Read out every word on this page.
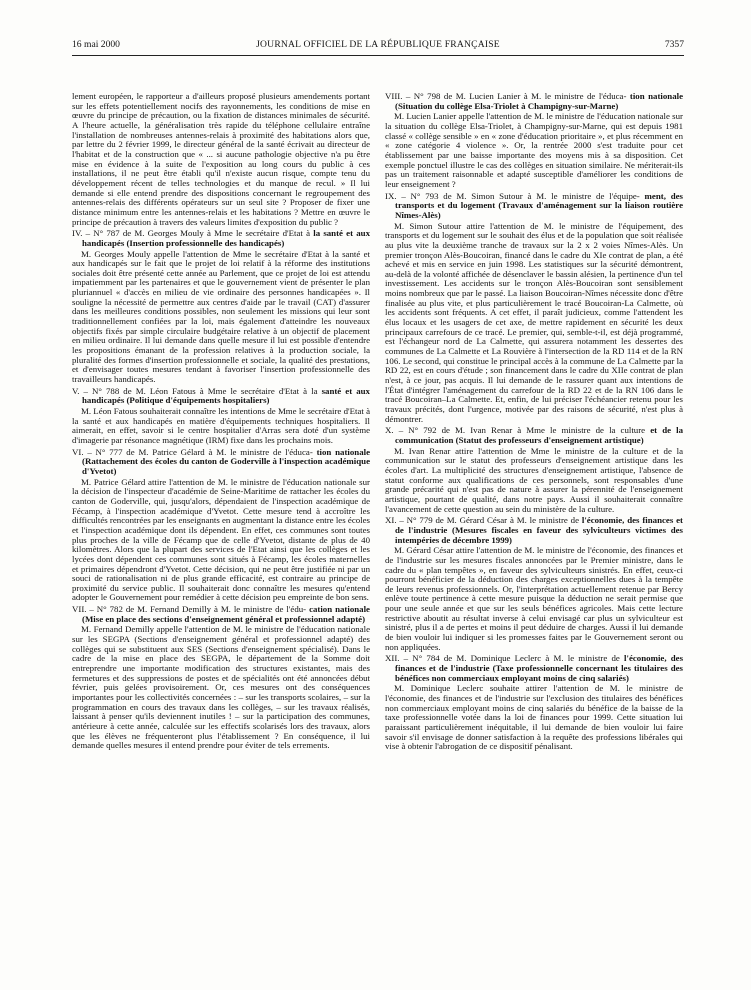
16 mai 2000	JOURNAL OFFICIEL DE LA RÉPUBLIQUE FRANÇAISE	7357

lement européen, le rapporteur a d'ailleurs proposé plusieurs amendements portant sur les effets potentiellement nocifs des rayonnements, les conditions de mise en œuvre du principe de précaution, ou la fixation de distances minimales de sécurité. A l'heure actuelle, la généralisation très rapide du téléphone cellulaire entraîne l'installation de nombreuses antennes-relais à proximité des habitations alors que, par lettre du 2 février 1999, le directeur général de la santé écrivait au directeur de l'habitat et de la construction que « ... si aucune pathologie objective n'a pu être mise en évidence à la suite de l'exposition au long cours du public à ces installations, il ne peut être établi qu'il n'existe aucun risque, compte tenu du développement récent de telles technologies et du manque de recul. » Il lui demande si elle entend prendre des dispositions concernant le regroupement des antennes-relais des différents opérateurs sur un seul site ? Proposer de fixer une distance minimum entre les antennes-relais et les habitations ? Mettre en œuvre le principe de précaution à travers des valeurs limites d'exposition du public ?

IV. – N° 787 de M. Georges Mouly à Mme le secrétaire d'Etat à la santé et aux handicapés (Insertion professionnelle des handicapés)

M. Georges Mouly appelle l'attention de Mme le secrétaire d'Etat à la santé et aux handicapés sur le fait que le projet de loi relatif à la réforme des institutions sociales doit être présenté cette année au Parlement, que ce projet de loi est attendu impatiemment par les partenaires et que le gouvernement vient de présenter le plan pluriannuel « d'accès en milieu de vie ordinaire des personnes handicapées ». Il souligne la nécessité de permettre aux centres d'aide par le travail (CAT) d'assurer dans les meilleures conditions possibles, non seulement les missions qui leur sont traditionnellement confiées par la loi, mais également d'atteindre les nouveaux objectifs fixés par simple circulaire budgétaire relative à un objectif de placement en milieu ordinaire. Il lui demande dans quelle mesure il lui est possible d'entendre les propositions émanant de la profession relatives à la production sociale, la pluralité des formes d'insertion professionnelle et sociale, la qualité des prestations, et d'envisager toutes mesures tendant à favoriser l'insertion professionnelle des travailleurs handicapés.

V. – N° 788 de M. Léon Fatous à Mme le secrétaire d'Etat à la santé et aux handicapés (Politique d'équipements hospitaliers)

M. Léon Fatous souhaiterait connaître les intentions de Mme le secrétaire d'Etat à la santé et aux handicapés en matière d'équipements techniques hospitaliers. Il aimerait, en effet, savoir si le centre hospitalier d'Arras sera doté d'un système d'imagerie par résonance magnétique (IRM) fixe dans les prochains mois.

VI. – N° 777 de M. Patrice Gélard à M. le ministre de l'éduca- tion nationale (Rattachement des écoles du canton de Goderville à l'inspection académique d'Yvetot)

M. Patrice Gélard attire l'attention de M. le ministre de l'éducation nationale sur la décision de l'inspecteur d'académie de Seine-Maritime de rattacher les écoles du canton de Goderville, qui, jusqu'alors, dépendaient de l'inspection académique de Fécamp, à l'inspection académique d'Yvetot. Cette mesure tend à accroître les difficultés rencontrées par les enseignants en augmentant la distance entre les écoles et l'inspection académique dont ils dépendent. En effet, ces communes sont toutes plus proches de la ville de Fécamp que de celle d'Yvetot, distante de plus de 40 kilomètres. Alors que la plupart des services de l'Etat ainsi que les collèges et les lycées dont dépendent ces communes sont situés à Fécamp, les écoles maternelles et primaires dépendront d'Yvetot. Cette décision, qui ne peut être justifiée ni par un souci de rationalisation ni de plus grande efficacité, est contraire au principe de proximité du service public. Il souhaiterait donc connaître les mesures qu'entend adopter le Gouvernement pour remédier à cette décision peu empreinte de bon sens.

VII. – N° 782 de M. Fernand Demilly à M. le ministre de l'édu- cation nationale (Mise en place des sections d'enseignement général et professionnel adapté)

M. Fernand Demilly appelle l'attention de M. le ministre de l'éducation nationale sur les SEGPA (Sections d'enseignement général et professionnel adapté) des collèges qui se substituent aux SES (Sections d'enseignement spécialisé). Dans le cadre de la mise en place des SEGPA, le département de la Somme doit entreprendre une importante modification des structures existantes, mais des fermetures et des suppressions de postes et de spécialités ont été annoncées début février, puis gelées provisoirement. Or, ces mesures ont des conséquences importantes pour les collectivités concernées : – sur les transports scolaires, – sur la programmation en cours des travaux dans les collèges, – sur les travaux réalisés, laissant à penser qu'ils deviennent inutiles ! – sur la participation des communes, antérieure à cette année, calculée sur les effectifs scolarisés lors des travaux, alors que les élèves ne fréquenteront plus l'établissement ? En conséquence, il lui demande quelles mesures il entend prendre pour éviter de tels errements.

VIII. – N° 798 de M. Lucien Lanier à M. le ministre de l'éduca- tion nationale (Situation du collège Elsa-Triolet à Champigny-sur-Marne)

M. Lucien Lanier appelle l'attention de M. le ministre de l'éducation nationale sur la situation du collège Elsa-Triolet, à Champigny-sur-Marne, qui est depuis 1981 classé « collège sensible » en « zone d'éducation prioritaire », et plus récemment en « zone catégorie 4 violence ». Or, la rentrée 2000 s'est traduite pour cet établissement par une baisse importante des moyens mis à sa disposition. Cet exemple ponctuel illustre le cas des collèges en situation similaire. Ne mériterait-ils pas un traitement raisonnable et adapté susceptible d'améliorer les conditions de leur enseignement ?

IX. – N° 793 de M. Simon Sutour à M. le ministre de l'équipe- ment, des transports et du logement (Travaux d'aménagement sur la liaison routière Nîmes-Alès)

M. Simon Sutour attire l'attention de M. le ministre de l'équipement, des transports et du logement sur le souhait des élus et de la population que soit réalisée au plus vite la deuxième tranche de travaux sur la 2 x 2 voies Nîmes-Alès. Un premier tronçon Alès-Boucoiran, financé dans le cadre du XIe contrat de plan, a été achevé et mis en service en juin 1998. Les statistiques sur la sécurité démontrent, au-delà de la volonté affichée de désenclaver le bassin alésien, la pertinence d'un tel investissement. Les accidents sur le tronçon Alès-Boucoiran sont sensiblement moins nombreux que par le passé. La liaison Boucoiran-Nîmes nécessite donc d'être finalisée au plus vite, et plus particulièrement le tracé Boucoiran-La Calmette, où les accidents sont fréquents. A cet effet, il paraît judicieux, comme l'attendent les élus locaux et les usagers de cet axe, de mettre rapidement en sécurité les deux principaux carrefours de ce tracé. Le premier, qui, semble-t-il, est déjà programmé, est l'échangeur nord de La Calmette, qui assurera notamment les dessertes des communes de La Calmette et La Rouvière à l'intersection de la RD 114 et de la RN 106. Le second, qui constitue le principal accès à la commune de La Calmette par la RD 22, est en cours d'étude ; son financement dans le cadre du XIIe contrat de plan n'est, à ce jour, pas acquis. Il lui demande de le rassurer quant aux intentions de l'État d'intégrer l'aménagement du carrefour de la RD 22 et de la RN 106 dans le tracé Boucoiran–La Calmette. Et, enfin, de lui préciser l'échéancier retenu pour les travaux précités, dont l'urgence, motivée par des raisons de sécurité, n'est plus à démontrer.

X. – N° 792 de M. Ivan Renar à Mme le ministre de la culture et de la communication (Statut des professeurs d'enseignement artistique)

M. Ivan Renar attire l'attention de Mme le ministre de la culture et de la communication sur le statut des professeurs d'enseignement artistique dans les écoles d'art. La multiplicité des structures d'enseignement artistique, l'absence de statut conforme aux qualifications de ces personnels, sont responsables d'une grande précarité qui n'est pas de nature à assurer la pérennité de l'enseignement artistique, pourtant de qualité, dans notre pays. Aussi il souhaiterait connaître l'avancement de cette question au sein du ministère de la culture.

XI. – N° 779 de M. Gérard César à M. le ministre de l'économie, des finances et de l'industrie (Mesures fiscales en faveur des sylviculteurs victimes des intempéries de décembre 1999)

M. Gérard César attire l'attention de M. le ministre de l'économie, des finances et de l'industrie sur les mesures fiscales annoncées par le Premier ministre, dans le cadre du « plan tempêtes », en faveur des sylviculteurs sinistrés. En effet, ceux-ci pourront bénéficier de la déduction des charges exceptionnelles dues à la tempête de leurs revenus professionnels. Or, l'interprétation actuellement retenue par Bercy enlève toute pertinence à cette mesure puisque la déduction ne serait permise que pour une seule année et que sur les seuls bénéfices agricoles. Mais cette lecture restrictive aboutit au résultat inverse à celui envisagé car plus un sylviculteur est sinistré, plus il a de pertes et moins il peut déduire de charges. Aussi il lui demande de bien vouloir lui indiquer si les promesses faites par le Gouvernement seront ou non appliquées.

XII. – N° 784 de M. Dominique Leclerc à M. le ministre de l'économie, des finances et de l'industrie (Taxe professionnelle concernant les titulaires des bénéfices non commerciaux employant moins de cinq salariés)

M. Dominique Leclerc souhaite attirer l'attention de M. le ministre de l'économie, des finances et de l'industrie sur l'exclusion des titulaires des bénéfices non commerciaux employant moins de cinq salariés du bénéfice de la baisse de la taxe professionnelle votée dans la loi de finances pour 1999. Cette situation lui paraissant particulièrement inéquitable, il lui demande de bien vouloir lui faire savoir s'il envisage de donner satisfaction à la requête des professions libérales qui vise à obtenir l'abrogation de ce dispositif pénalisant.
